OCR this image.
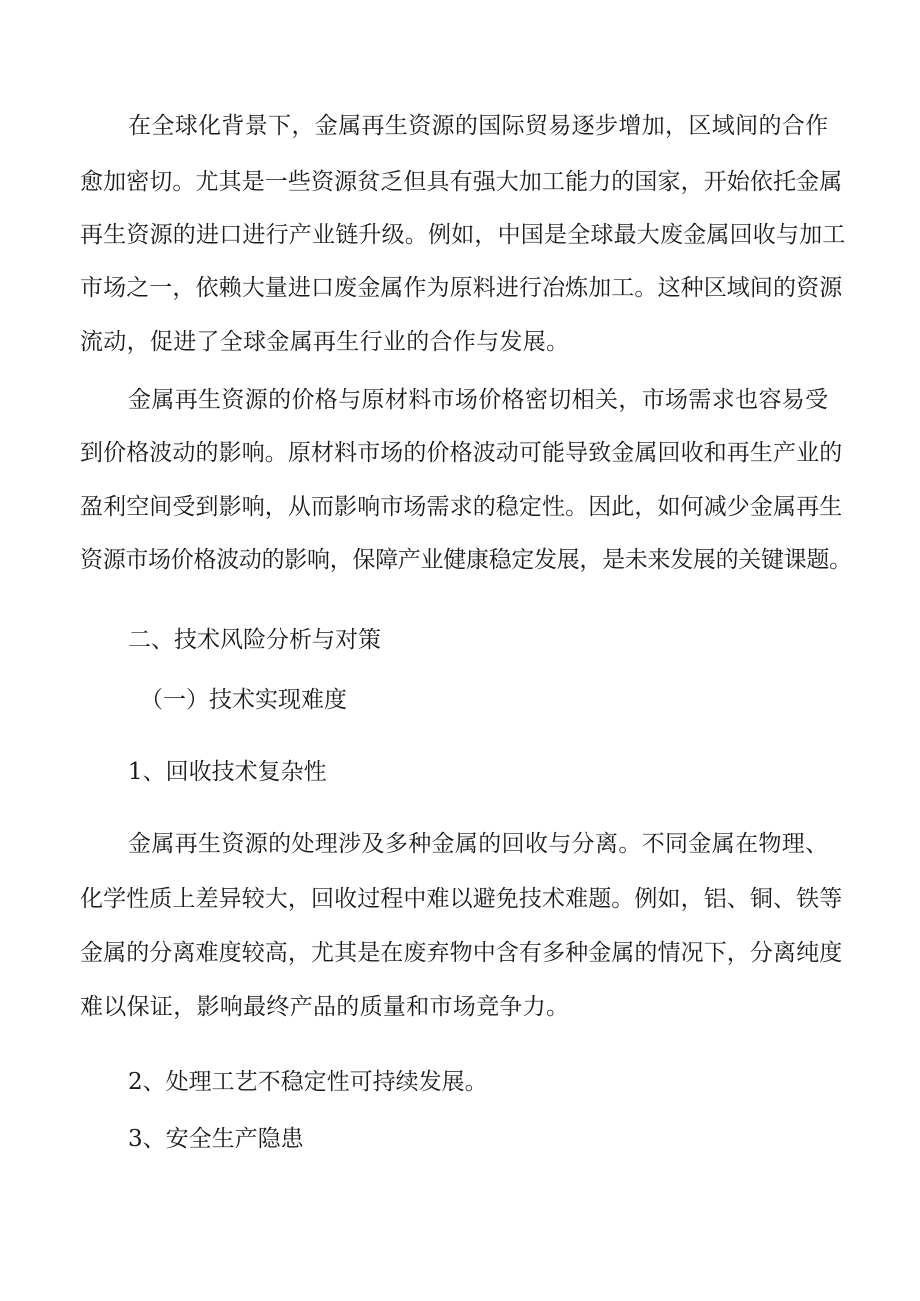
在全球化背景下，金属再生资源的国际贸易逐步增加，区域间的合作
愈加密切。尤其是一些资源贫乏但具有强大加工能力的国家，开始依托金属
再生资源的进口进行产业链升级。例如，中国是全球最大废金属回收与加工
市场之一，依赖大量进口废金属作为原料进行冶炼加工。这种区域间的资源
流动，促进了全球金属再生行业的合作与发展。
金属再生资源的价格与原材料市场价格密切相关，市场需求也容易受
到价格波动的影响。原材料市场的价格波动可能导致金属回收和再生产业的
盈利空间受到影响，从而影响市场需求的稳定性。因此，如何减少金属再生
资源市场价格波动的影响，保障产业健康稳定发展，是未来发展的关键课题。
二、技术风险分析与对策
（一）技术实现难度
1、回收技术复杂性
金属再生资源的处理涉及多种金属的回收与分离。不同金属在物理、
化学性质上差异较大，回收过程中难以避免技术难题。例如，铝、铜、铁等
金属的分离难度较高，尤其是在废弃物中含有多种金属的情况下，分离纯度
难以保证，影响最终产品的质量和市场竞争力。
2、处理工艺不稳定性可持续发展。
3、安全生产隐患
